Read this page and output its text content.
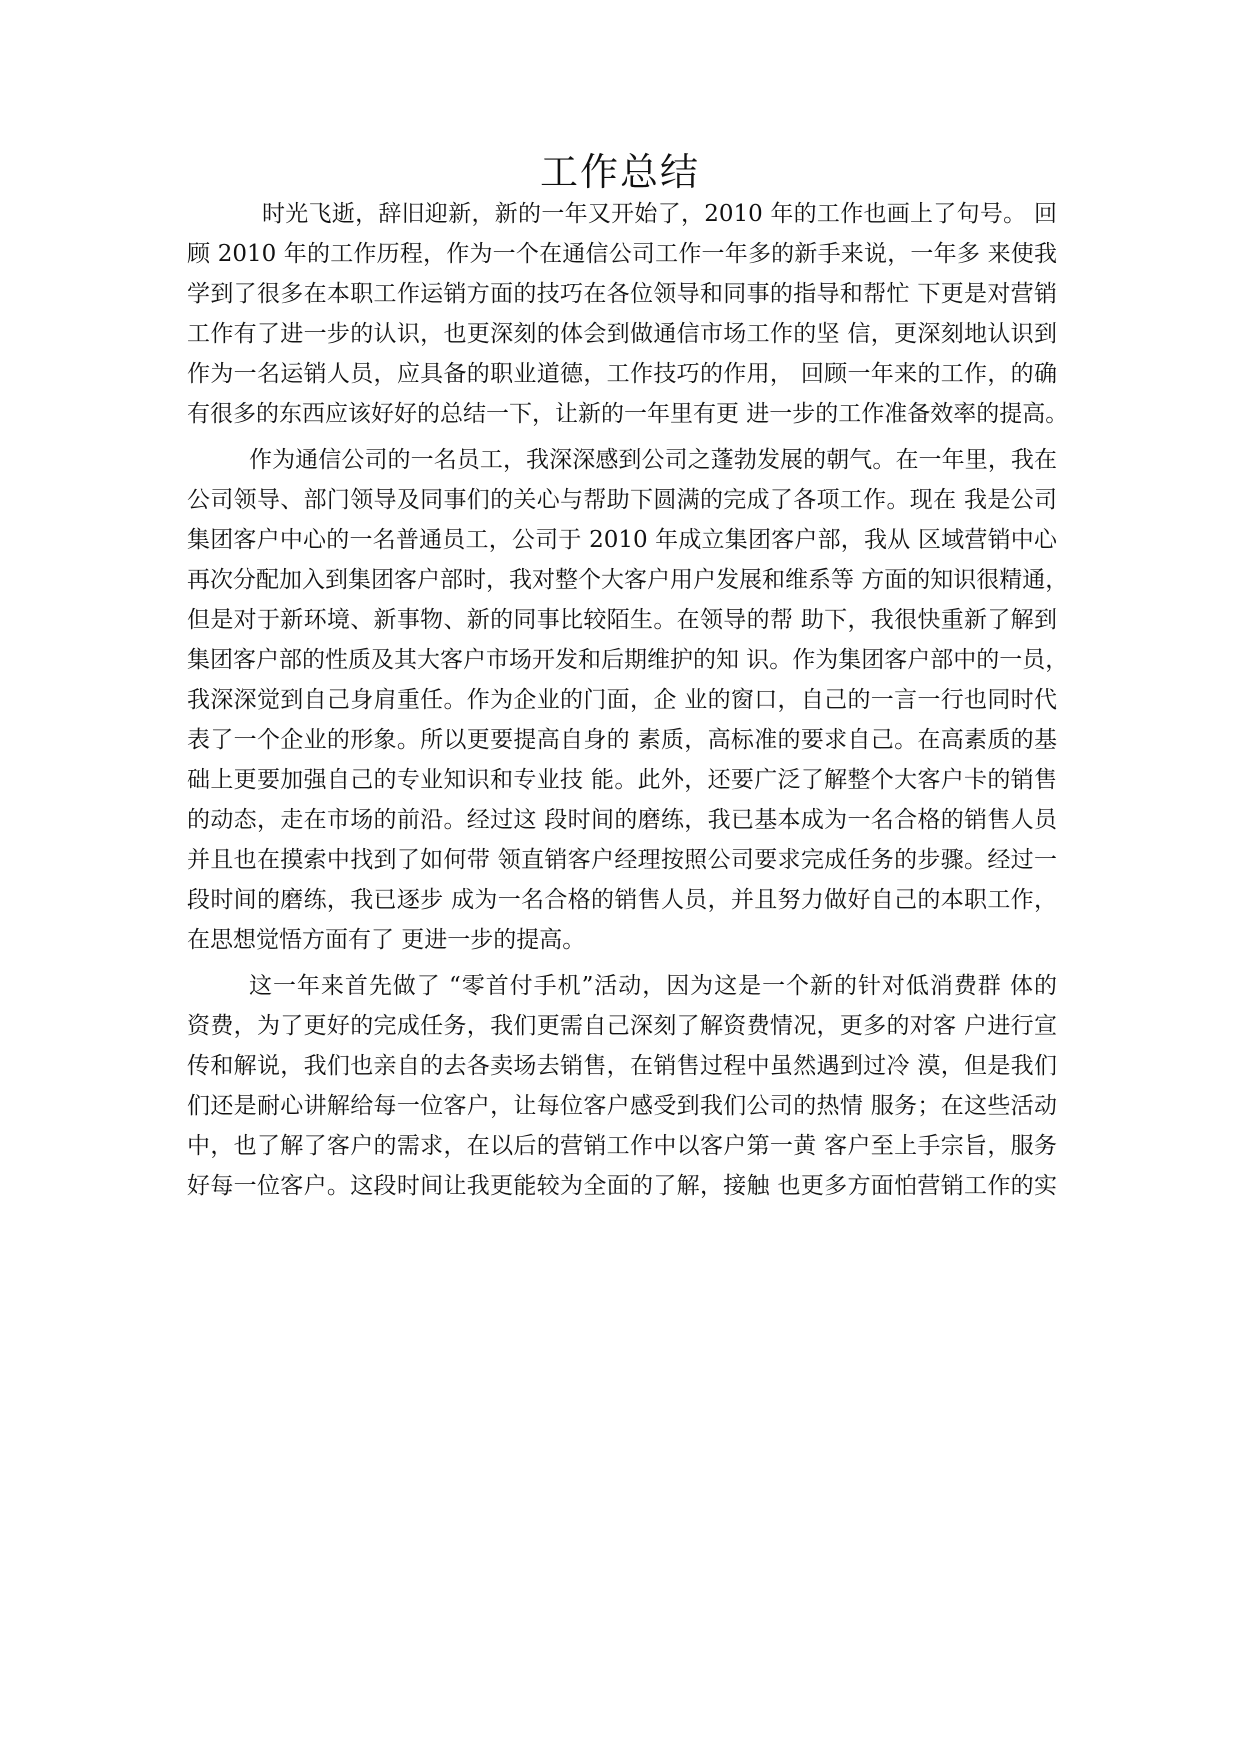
工作总结
时光飞逝，辞旧迎新，新的一年又开始了，2010 年的工作也画上了句号。 回
顾 2010 年的工作历程，作为一个在通信公司工作一年多的新手来说，一年多 来使我
学到了很多在本职工作运销方面的技巧在各位领导和同事的指导和帮忙 下更是对营销
工作有了进一步的认识，也更深刻的体会到做通信市场工作的坚 信，更深刻地认识到
作为一名运销人员，应具备的职业道德，工作技巧的作用， 回顾一年来的工作，的确
有很多的东西应该好好的总结一下，让新的一年里有更 进一步的工作准备效率的提高。
作为通信公司的一名员工，我深深感到公司之蓬勃发展的朝气。在一年里，我在
公司领导、部门领导及同事们的关心与帮助下圆满的完成了各项工作。现在 我是公司
集团客户中心的一名普通员工，公司于 2010 年成立集团客户部，我从 区域营销中心
再次分配加入到集团客户部时，我对整个大客户用户发展和维系等 方面的知识很精通，
但是对于新环境、新事物、新的同事比较陌生。在领导的帮 助下，我很快重新了解到
集团客户部的性质及其大客户市场开发和后期维护的知 识。作为集团客户部中的一员，
我深深觉到自己身肩重任。作为企业的门面，企 业的窗口，自己的一言一行也同时代
表了一个企业的形象。所以更要提高自身的 素质，高标准的要求自己。在高素质的基
础上更要加强自己的专业知识和专业技 能。此外，还要广泛了解整个大客户卡的销售
的动态，走在市场的前沿。经过这 段时间的磨练，我已基本成为一名合格的销售人员
并且也在摸索中找到了如何带 领直销客户经理按照公司要求完成任务的步骤。经过一
段时间的磨练，我已逐步 成为一名合格的销售人员，并且努力做好自己的本职工作，
在思想觉悟方面有了 更进一步的提高。
这一年来首先做了 “零首付手机”活动，因为这是一个新的针对低消费群 体的
资费，为了更好的完成任务，我们更需自己深刻了解资费情况，更多的对客 户进行宣
传和解说，我们也亲自的去各卖场去销售，在销售过程中虽然遇到过冷 漠，但是我们
们还是耐心讲解给每一位客户，让每位客户感受到我们公司的热情 服务；在这些活动
中，也了解了客户的需求，在以后的营销工作中以客户第一黄 客户至上手宗旨，服务
好每一位客户。这段时间让我更能较为全面的了解，接触 也更多方面怕营销工作的实
